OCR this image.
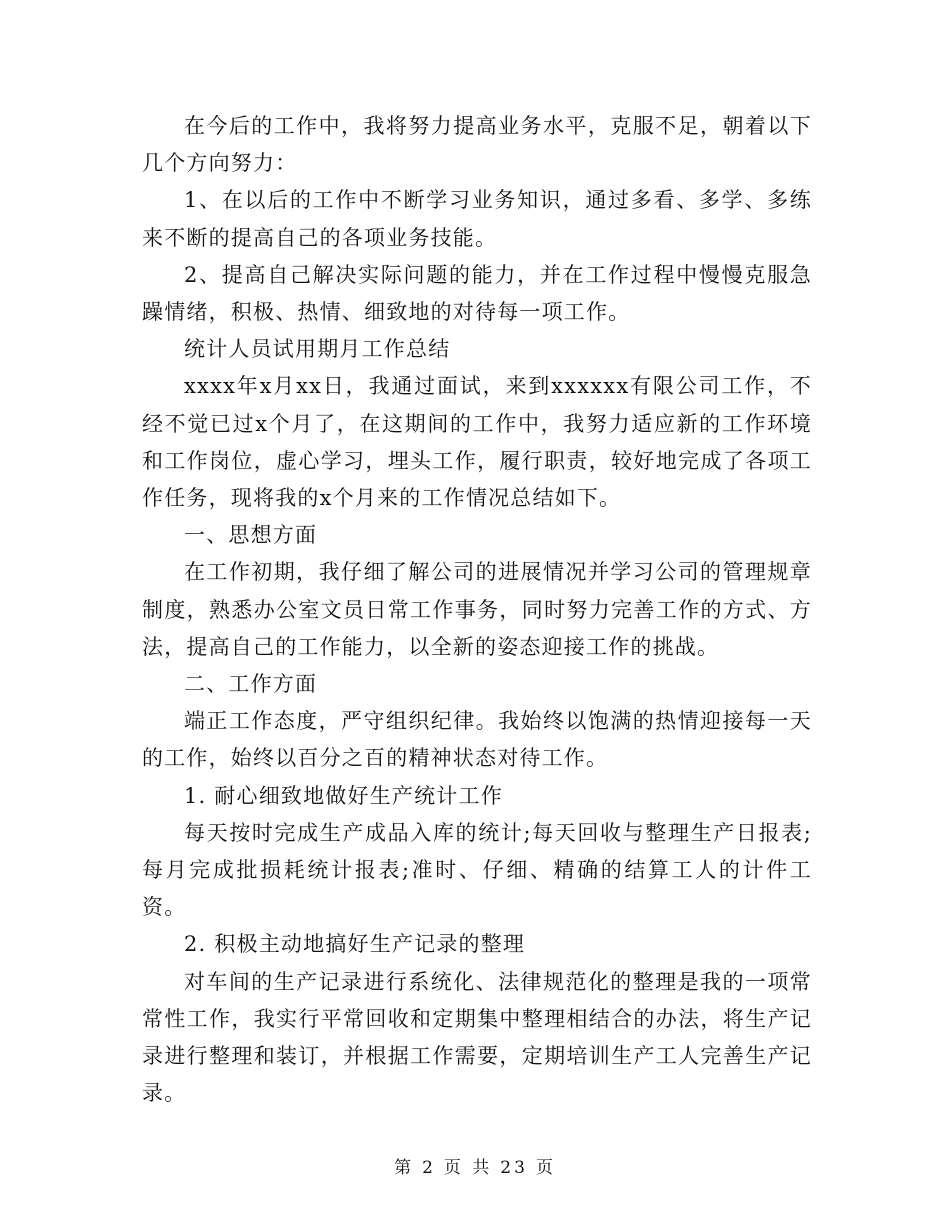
在今后的工作中，我将努力提高业务水平，克服不足，朝着以下几个方向努力：

1、在以后的工作中不断学习业务知识，通过多看、多学、多练来不断的提高自己的各项业务技能。

2、提高自己解决实际问题的能力，并在工作过程中慢慢克服急躁情绪，积极、热情、细致地的对待每一项工作。

统计人员试用期月工作总结

xxxx年x月xx日，我通过面试，来到xxxxxx有限公司工作，不经不觉已过x个月了，在这期间的工作中，我努力适应新的工作环境和工作岗位，虚心学习，埋头工作，履行职责，较好地完成了各项工作任务，现将我的x个月来的工作情况总结如下。

一、思想方面

在工作初期，我仔细了解公司的进展情况并学习公司的管理规章制度，熟悉办公室文员日常工作事务，同时努力完善工作的方式、方法，提高自己的工作能力，以全新的姿态迎接工作的挑战。

二、工作方面

端正工作态度，严守组织纪律。我始终以饱满的热情迎接每一天的工作，始终以百分之百的精神状态对待工作。

1. 耐心细致地做好生产统计工作

每天按时完成生产成品入库的统计;每天回收与整理生产日报表;每月完成批损耗统计报表;准时、仔细、精确的结算工人的计件工资。

2. 积极主动地搞好生产记录的整理

对车间的生产记录进行系统化、法律规范化的整理是我的一项常常性工作，我实行平常回收和定期集中整理相结合的办法，将生产记录进行整理和装订，并根据工作需要，定期培训生产工人完善生产记录。

第 2 页 共 23 页
